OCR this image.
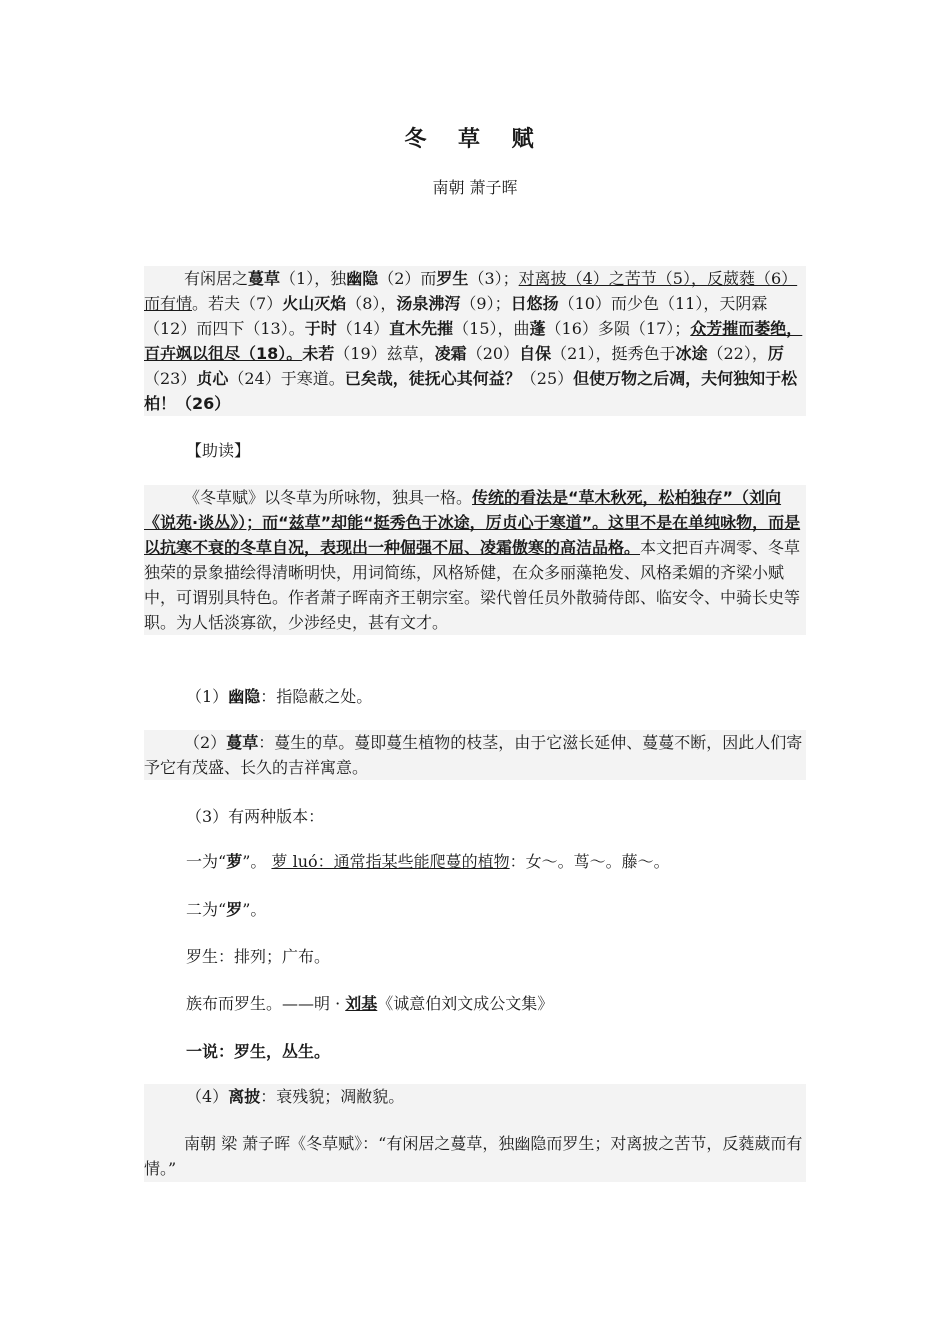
冬 草 赋
南朝 萧子晖
有闲居之蔓草（1），独幽隐（2）而罗生（3）；对离披（4）之苦节（5），反葳蕤（6）而有情。若夫（7）火山灭焰（8），汤泉沸泻（9）；日悠扬（10）而少色（11），天阴霖（12）而四下（13）。于时（14）直木先摧（15），曲蓬（16）多陨（17）；众芳摧而萎绝，百卉飒以徂尽（18）。未若（19）兹草，凌霜（20）自保（21），挺秀色于冰途（22），厉（23）贞心（24）于寒道。已矣哉，徒抚心其何益？（25）但使万物之后凋，夫何独知于松柏！（26）
【助读】
《冬草赋》以冬草为所咏物，独具一格。传统的看法是“草木秋死，松柏独存”（刘向《说苑·谈丛》）；而“兹草”却能“挺秀色于冰途，厉贞心于寒道”。这里不是在单纯咏物，而是以抗寒不衰的冬草自况，表现出一种倔强不屈、凌霜傲寒的高洁品格。本文把百卉凋零、冬草独荣的景象描绘得清晰明快，用词简练，风格矫健，在众多丽藻艳发、风格柔媚的齐梁小赋中，可谓别具特色。作者萧子晖南齐王朝宗室。梁代曾任员外散骑侍郎、临安令、中骑长史等职。为人恬淡寡欲，少涉经史，甚有文才。
（1）幽隐：指隐蔽之处。
（2）蔓草：蔓生的草。蔓即蔓生植物的枝茎，由于它滋长延伸、蔓蔓不断，因此人们寄予它有茂盛、长久的吉祥寓意。
（3）有两种版本：
一为“萝”。 萝 luó：通常指某些能爬蔓的植物：女～。茑～。藤～。
二为“罗”。
罗生：排列；广布。
族布而罗生。——明 · 刘基《诚意伯刘文成公文集》
一说：罗生，丛生。
（4）离披：衰残貌；凋敝貌。
南朝 梁 萧子晖《冬草赋》：“有闲居之蔓草，独幽隐而罗生；对离披之苦节，反蕤葳而有情。”
